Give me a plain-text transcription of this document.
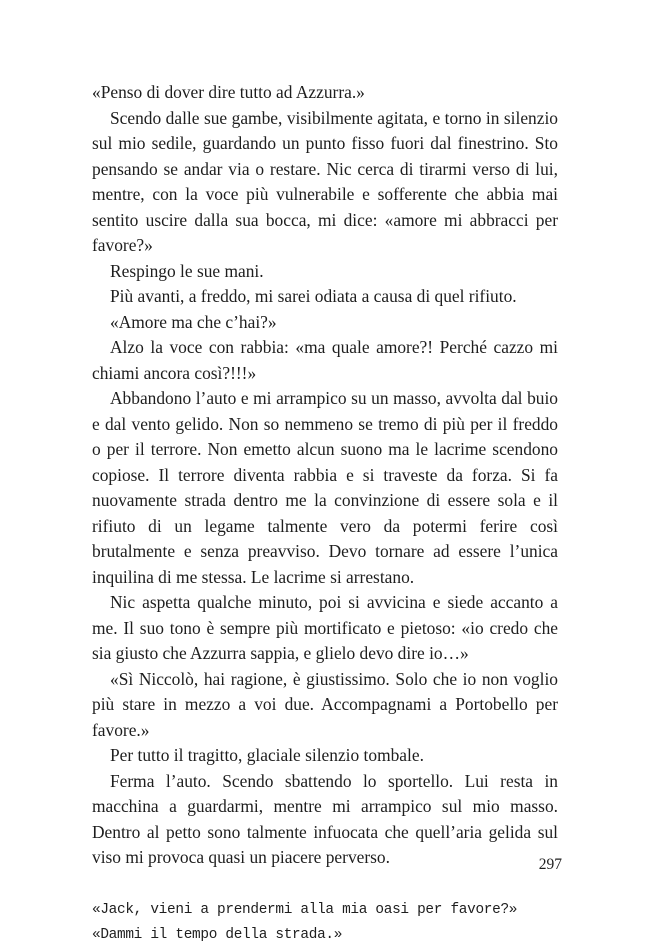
«Penso di dover dire tutto ad Azzurra.»

Scendo dalle sue gambe, visibilmente agitata, e torno in silenzio sul mio sedile, guardando un punto fisso fuori dal finestrino. Sto pensando se andar via o restare. Nic cerca di tirarmi verso di lui, mentre, con la voce più vulnerabile e sofferente che abbia mai sentito uscire dalla sua bocca, mi dice: «amore mi abbracci per favore?»

Respingo le sue mani.

Più avanti, a freddo, mi sarei odiata a causa di quel rifiuto.

«Amore ma che c’hai?»

Alzo la voce con rabbia: «ma quale amore?! Perché cazzo mi chiami ancora così?!!!»

Abbandono l’auto e mi arrampico su un masso, avvolta dal buio e dal vento gelido. Non so nemmeno se tremo di più per il freddo o per il terrore. Non emetto alcun suono ma le lacrime scendono copiose. Il terrore diventa rabbia e si traveste da forza. Si fa nuovamente strada dentro me la convinzione di essere sola e il rifiuto di un legame talmente vero da potermi ferire così brutalmente e senza preavviso. Devo tornare ad essere l’unica inquilina di me stessa. Le lacrime si arrestano.

Nic aspetta qualche minuto, poi si avvicina e siede accanto a me. Il suo tono è sempre più mortificato e pietoso: «io credo che sia giusto che Azzurra sappia, e glielo devo dire io…»

«Sì Niccolò, hai ragione, è giustissimo. Solo che io non voglio più stare in mezzo a voi due. Accompagnami a Portobello per favore.»

Per tutto il tragitto, glaciale silenzio tombale.

Ferma l’auto. Scendo sbattendo lo sportello. Lui resta in macchina a guardarmi, mentre mi arrampico sul mio masso. Dentro al petto sono talmente infuocata che quell’aria gelida sul viso mi provoca quasi un piacere perverso.

«Jack, vieni a prendermi alla mia oasi per favore?»

«Dammi il tempo della strada.»

297
